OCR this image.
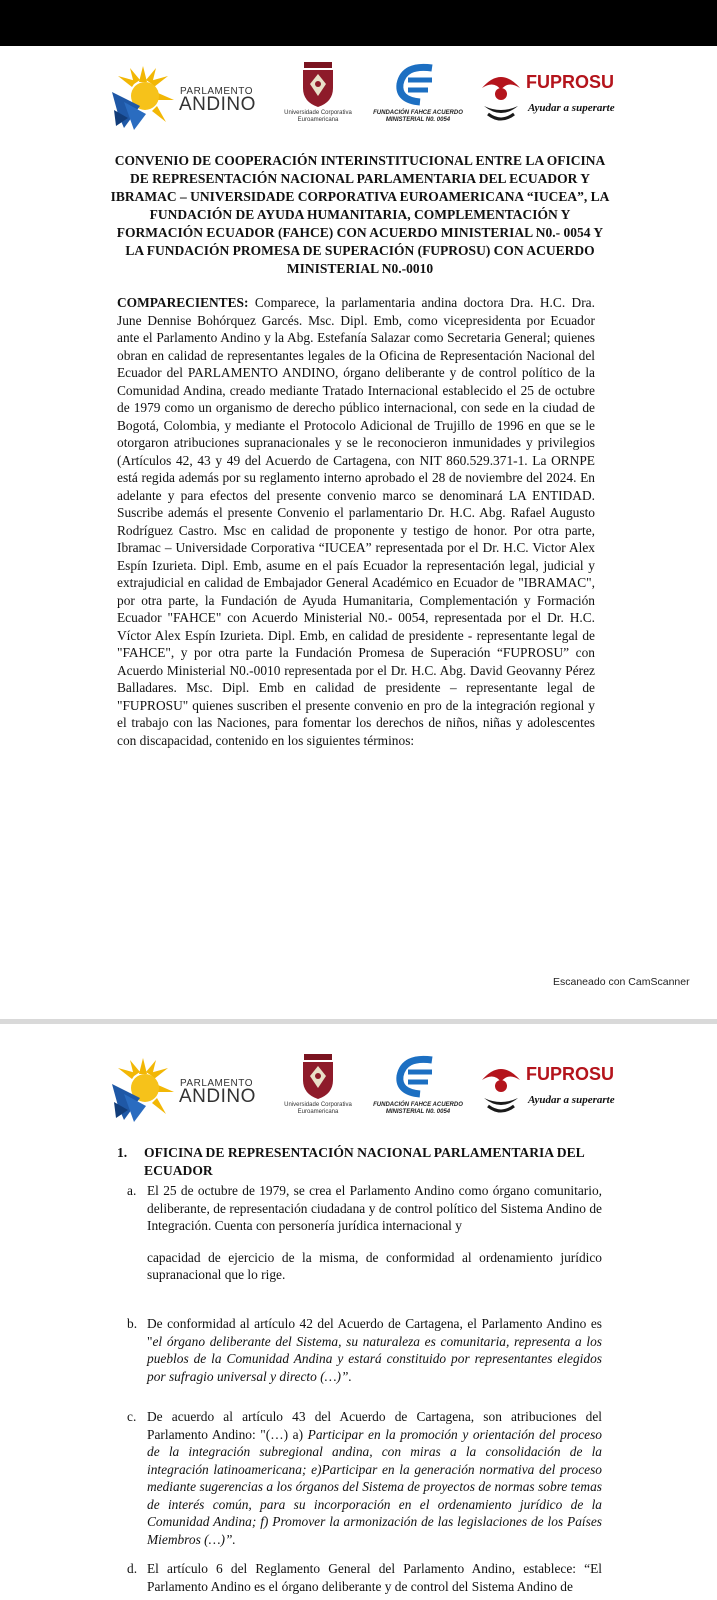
PARLAMENTO
ANDINO	Universidade Corporativa Euroamericana
FUNDACIÓN FAHCE ACUERDO MINISTERIAL N0. 0054
FUPROSU
Ayudar a superarte

CONVENIO DE COOPERACIÓN INTERINSTITUCIONAL ENTRE LA OFICINA DE REPRESENTACIÓN NACIONAL PARLAMENTARIA DEL ECUADOR Y IBRAMAC – UNIVERSIDADE CORPORATIVA EUROAMERICANA “IUCEA”, LA FUNDACIÓN DE AYUDA HUMANITARIA, COMPLEMENTACIÓN Y FORMACIÓN ECUADOR (FAHCE) CON ACUERDO MINISTERIAL N0.- 0054 Y LA FUNDACIÓN PROMESA DE SUPERACIÓN (FUPROSU) CON ACUERDO MINISTERIAL N0.-0010

COMPARECIENTES: Comparece, la parlamentaria andina doctora Dra. H.C. Dra. June Dennise Bohórquez Garcés. Msc. Dipl. Emb, como vicepresidenta por Ecuador ante el Parlamento Andino y la Abg. Estefanía Salazar como Secretaria General; quienes obran en calidad de representantes legales de la Oficina de Representación Nacional del Ecuador del PARLAMENTO ANDINO, órgano deliberante y de control político de la Comunidad Andina, creado mediante Tratado Internacional establecido el 25 de octubre de 1979 como un organismo de derecho público internacional, con sede en la ciudad de Bogotá, Colombia, y mediante el Protocolo Adicional de Trujillo de 1996 en que se le otorgaron atribuciones supranacionales y se le reconocieron inmunidades y privilegios (Artículos 42, 43 y 49 del Acuerdo de Cartagena, con NIT 860.529.371-1. La ORNPE está regida además por su reglamento interno aprobado el 28 de noviembre del 2024. En adelante y para efectos del presente convenio marco se denominará LA ENTIDAD. Suscribe además el presente Convenio el parlamentario Dr. H.C. Abg. Rafael Augusto Rodríguez Castro. Msc en calidad de proponente y testigo de honor. Por otra parte, Ibramac – Universidade Corporativa “IUCEA” representada por el Dr. H.C. Victor Alex Espín Izurieta. Dipl. Emb, asume en el país Ecuador la representación legal, judicial y extrajudicial en calidad de Embajador General Académico en Ecuador de "IBRAMAC", por otra parte, la Fundación de Ayuda Humanitaria, Complementación y Formación Ecuador "FAHCE" con Acuerdo Ministerial N0.- 0054, representada por el Dr. H.C. Víctor Alex Espín Izurieta. Dipl. Emb, en calidad de presidente - representante legal de "FAHCE", y por otra parte la Fundación Promesa de Superación “FUPROSU” con Acuerdo Ministerial N0.-0010 representada por el Dr. H.C. Abg. David Geovanny Pérez Balladares. Msc. Dipl. Emb en calidad de presidente – representante legal de "FUPROSU" quienes suscriben el presente convenio en pro de la integración regional y el trabajo con las Naciones, para fomentar los derechos de niños, niñas y adolescentes con discapacidad, contenido en los siguientes términos:

Escaneado con CamScanner
PARLAMENTO
ANDINO	Universidade Corporativa Euroamericana
FUNDACIÓN FAHCE ACUERDO MINISTERIAL N0. 0054
FUPROSU
Ayudar a superarte

1. OFICINA DE REPRESENTACIÓN NACIONAL PARLAMENTARIA DEL ECUADOR

a. El 25 de octubre de 1979, se crea el Parlamento Andino como órgano comunitario, deliberante, de representación ciudadana y de control político del Sistema Andino de Integración. Cuenta con personería jurídica internacional y
capacidad de ejercicio de la misma, de conformidad al ordenamiento jurídico supranacional que lo rige.

b. De conformidad al artículo 42 del Acuerdo de Cartagena, el Parlamento Andino es "el órgano deliberante del Sistema, su naturaleza es comunitaria, representa a los pueblos de la Comunidad Andina y estará constituido por representantes elegidos por sufragio universal y directo (…)”.

c. De acuerdo al artículo 43 del Acuerdo de Cartagena, son atribuciones del Parlamento Andino: "(…) a) Participar en la promoción y orientación del proceso de la integración subregional andina, con miras a la consolidación de la integración latinoamericana; e)Participar en la generación normativa del proceso mediante sugerencias a los órganos del Sistema de proyectos de normas sobre temas de interés común, para su incorporación en el ordenamiento jurídico de la Comunidad Andina; f) Promover la armonización de las legislaciones de los Países Miembros (…)”.

d. El artículo 6 del Reglamento General del Parlamento Andino, establece: “El Parlamento Andino es el órgano deliberante y de control del Sistema Andino de
